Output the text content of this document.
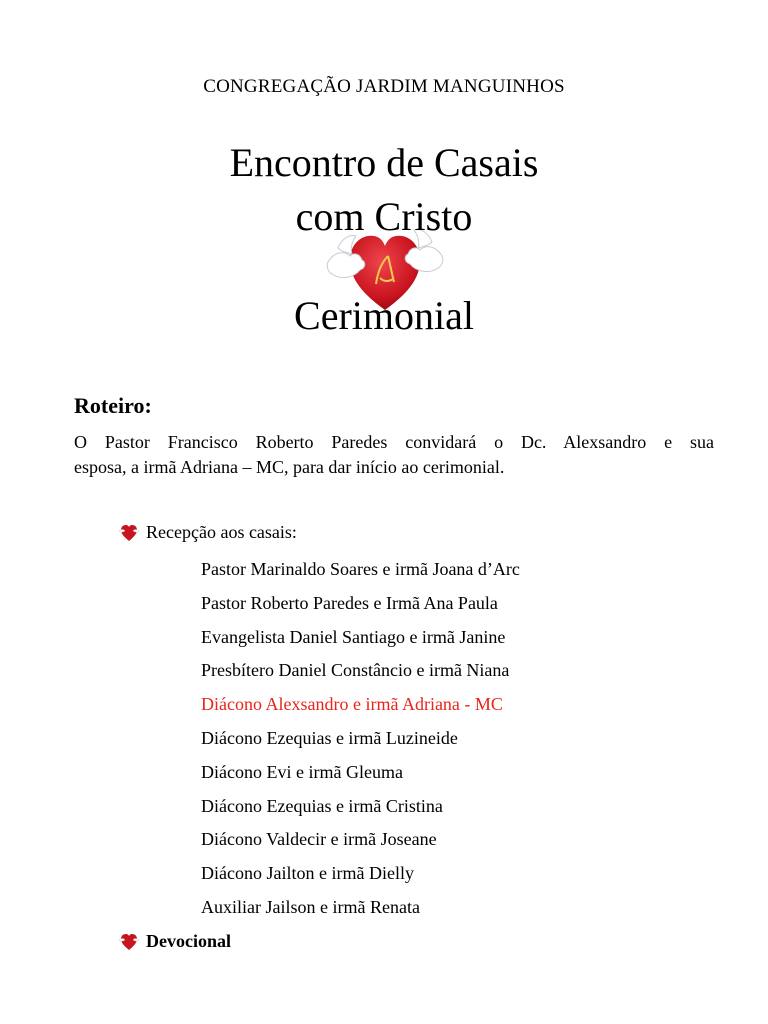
CONGREGAÇÃO JARDIM MANGUINHOS
Encontro de Casais
com Cristo
Cerimonial
Roteiro:
O Pastor Francisco Roberto Paredes convidará o Dc. Alexsandro e sua
esposa, a irmã Adriana – MC, para dar início ao cerimonial.
Recepção aos casais:
Pastor Marinaldo Soares e irmã Joana d’Arc
Pastor Roberto Paredes e Irmã Ana Paula
Evangelista Daniel Santiago e irmã Janine
Presbítero Daniel Constâncio e irmã Niana
Diácono Alexsandro e irmã Adriana - MC
Diácono Ezequias e irmã Luzineide
Diácono Evi e irmã Gleuma
Diácono Ezequias e irmã Cristina
Diácono Valdecir e irmã Joseane
Diácono Jailton e irmã Dielly
Auxiliar Jailson e irmã Renata
Devocional
